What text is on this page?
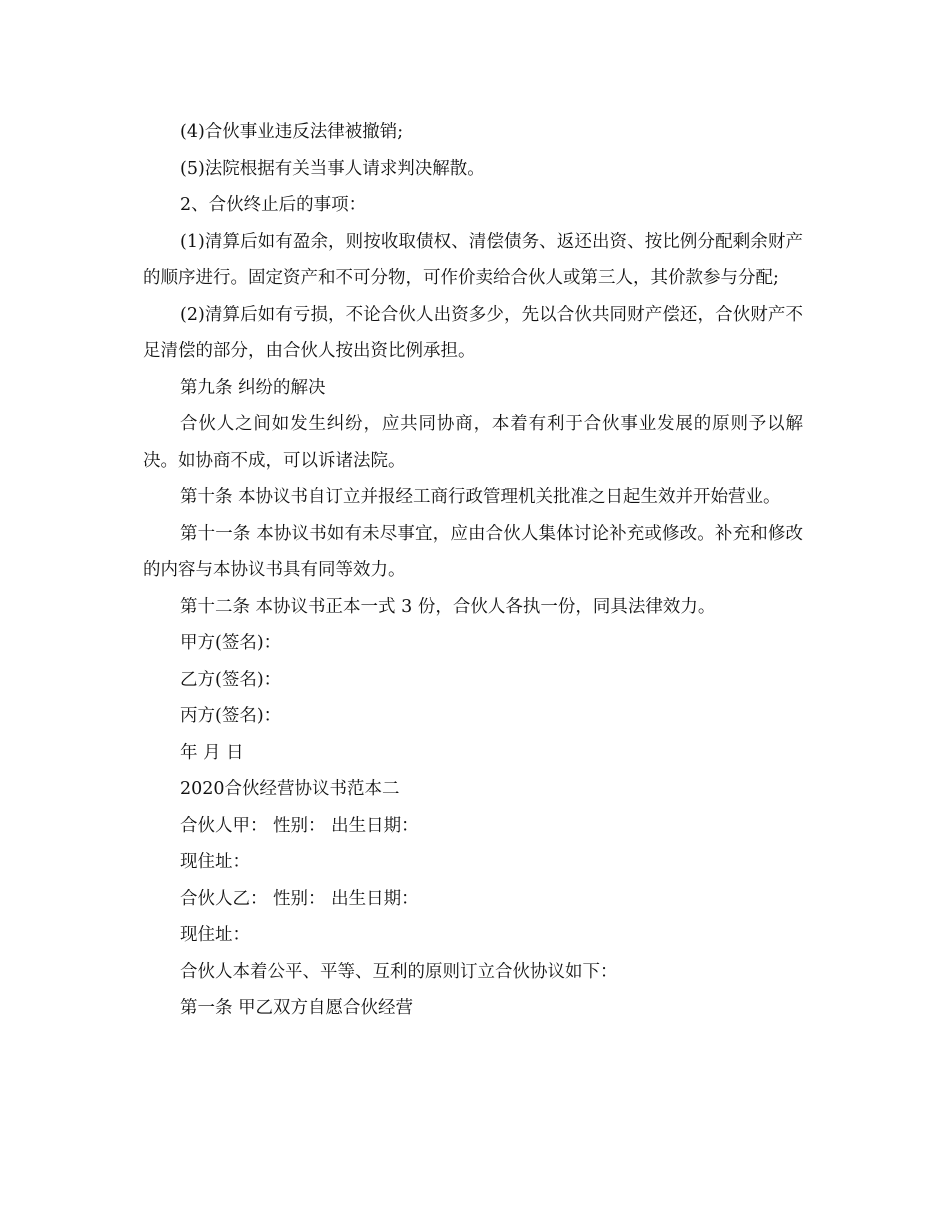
(4)合伙事业违反法律被撤销;

(5)法院根据有关当事人请求判决解散。

2、合伙终止后的事项：

(1)清算后如有盈余，则按收取债权、清偿债务、返还出资、按比例分配剩余财产的顺序进行。固定资产和不可分物，可作价卖给合伙人或第三人，其价款参与分配;

(2)清算后如有亏损，不论合伙人出资多少，先以合伙共同财产偿还，合伙财产不足清偿的部分，由合伙人按出资比例承担。

第九条 纠纷的解决

合伙人之间如发生纠纷，应共同协商，本着有利于合伙事业发展的原则予以解决。如协商不成，可以诉诸法院。

第十条 本协议书自订立并报经工商行政管理机关批准之日起生效并开始营业。

第十一条 本协议书如有未尽事宜，应由合伙人集体讨论补充或修改。补充和修改的内容与本协议书具有同等效力。

第十二条 本协议书正本一式 3 份，合伙人各执一份，同具法律效力。

甲方(签名)：

乙方(签名)：

丙方(签名)：

年 月 日

2020合伙经营协议书范本二

合伙人甲： 性别： 出生日期：

现住址：

合伙人乙： 性别： 出生日期：

现住址：

合伙人本着公平、平等、互利的原则订立合伙协议如下：

第一条 甲乙双方自愿合伙经营
